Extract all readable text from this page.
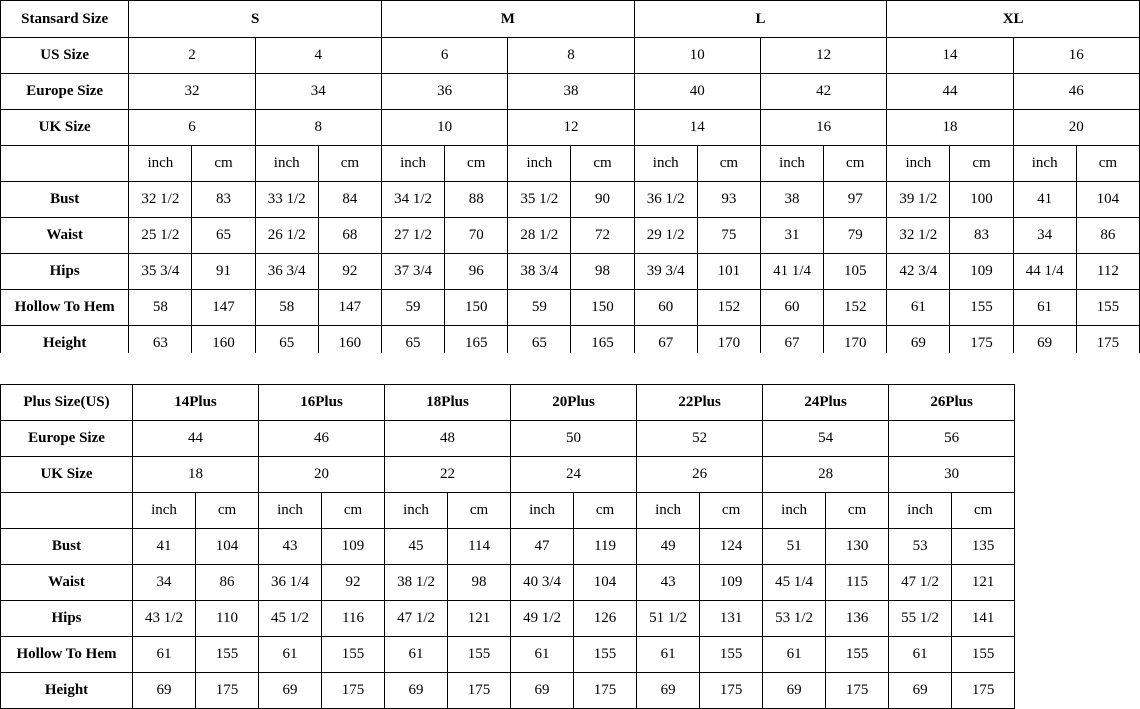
Stansard Size	S				M				L				XL			
US Size	2		4		6		8		10		12		14		16	
Europe Size	32		34		36		38		40		42		44		46	
UK Size	6		8		10		12		14		16		18		20	
	inch	cm	inch	cm	inch	cm	inch	cm	inch	cm	inch	cm	inch	cm	inch	cm
Bust	32 1/2	83	33 1/2	84	34 1/2	88	35 1/2	90	36 1/2	93	38	97	39 1/2	100	41	104
Waist	25 1/2	65	26 1/2	68	27 1/2	70	28 1/2	72	29 1/2	75	31	79	32 1/2	83	34	86
Hips	35 3/4	91	36 3/4	92	37 3/4	96	38 3/4	98	39 3/4	101	41 1/4	105	42 3/4	109	44 1/4	112
Hollow To Hem	58	147	58	147	59	150	59	150	60	152	60	152	61	155	61	155
Height	63	160	65	160	65	165	65	165	67	170	67	170	69	175	69	175
Plus Size(US)	14Plus		16Plus		18Plus		20Plus		22Plus		24Plus		26Plus	
Europe Size	44		46		48		50		52		54		56	
UK Size	18		20		22		24		26		28		30	
	inch	cm	inch	cm	inch	cm	inch	cm	inch	cm	inch	cm	inch	cm
Bust	41	104	43	109	45	114	47	119	49	124	51	130	53	135
Waist	34	86	36 1/4	92	38 1/2	98	40 3/4	104	43	109	45 1/4	115	47 1/2	121
Hips	43 1/2	110	45 1/2	116	47 1/2	121	49 1/2	126	51 1/2	131	53 1/2	136	55 1/2	141
Hollow To Hem	61	155	61	155	61	155	61	155	61	155	61	155	61	155
Height	69	175	69	175	69	175	69	175	69	175	69	175	69	175
